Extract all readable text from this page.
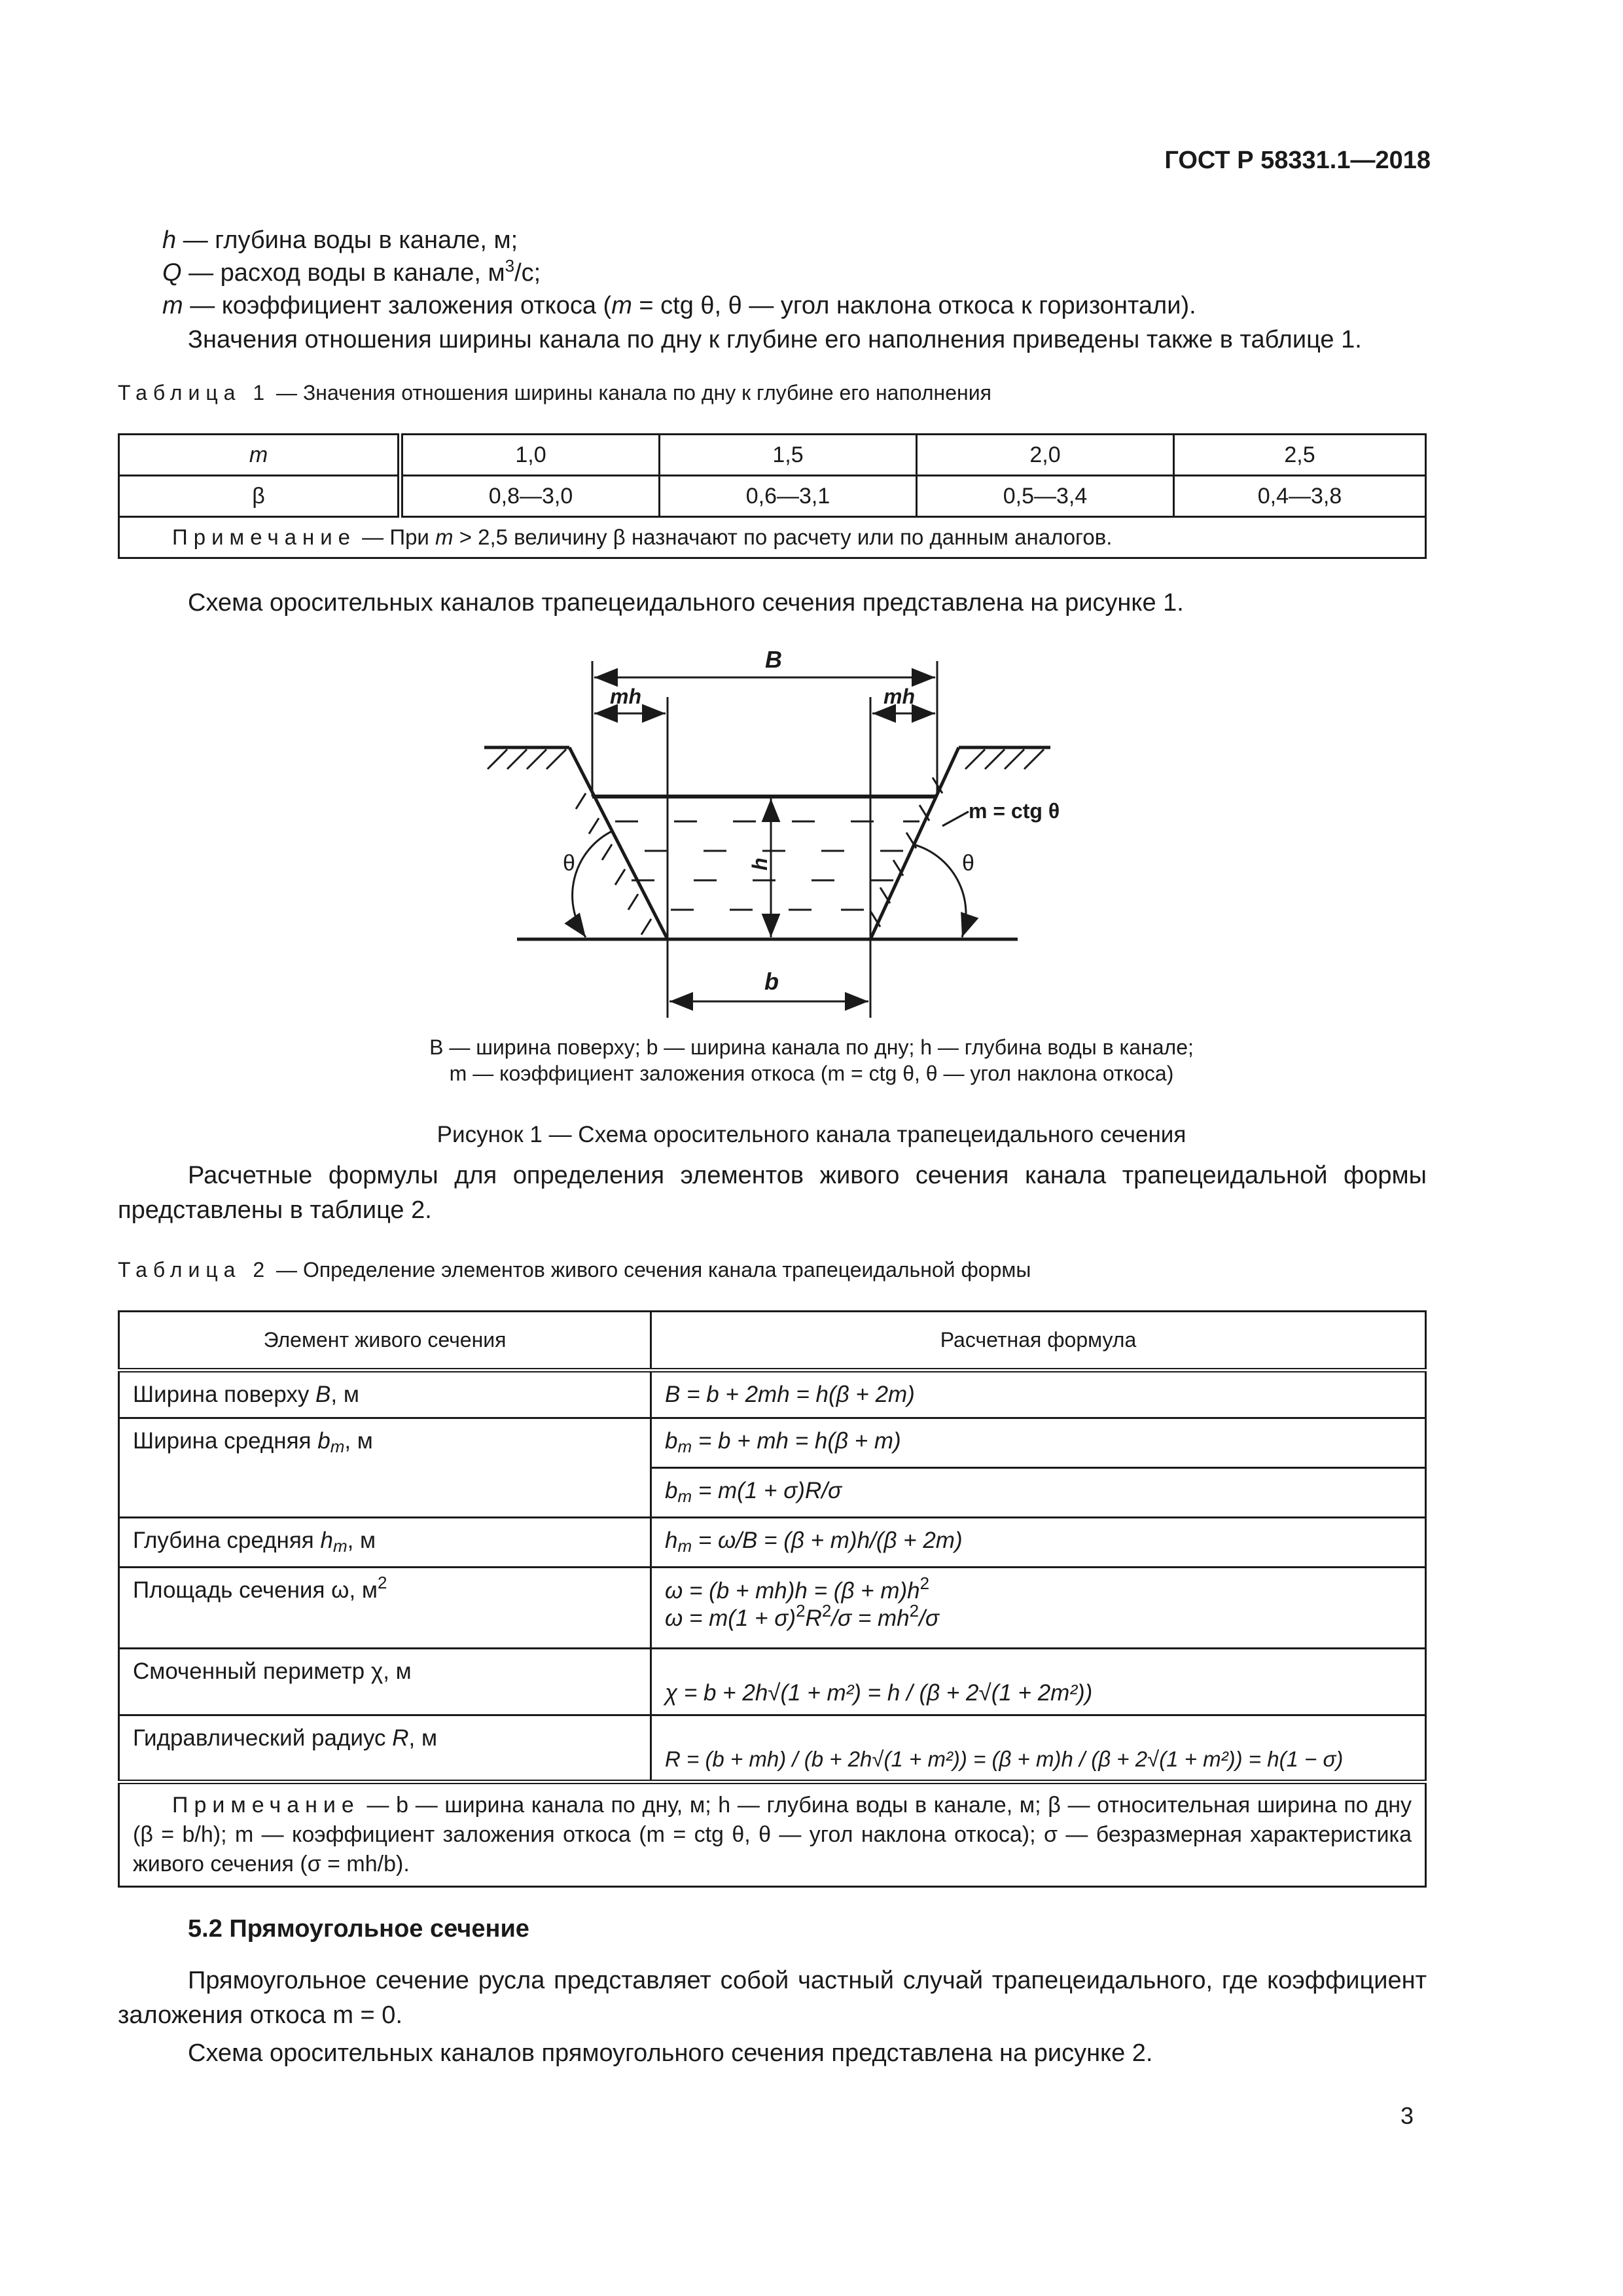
ГОСТ Р 58331.1—2018
h — глубина воды в канале, м;
Q — расход воды в канале, $м^3/с$;
m — коэффициент заложения откоса (m = ctg θ, θ — угол наклона откоса к горизонтали).
Значения отношения ширины канала по дну к глубине его наполнения приведены также в таблице 1.
Таблица 1 — Значения отношения ширины канала по дну к глубине его наполнения
m	1,0	1,5	2,0	2,5
β	0,8—3,0	0,6—3,1	0,5—3,4	0,4—3,8
Примечание — При m > 2,5 величину β назначают по расчету или по данным аналогов.				
Схема оросительных каналов трапецеидального сечения представлена на рисунке 1.
B
mh	mh
m = ctg θ
h
θ	θ
b
B — ширина поверху; b — ширина канала по дну; h — глубина воды в канале;
m — коэффициент заложения откоса (m = ctg θ, θ — угол наклона откоса)
Рисунок 1 — Схема оросительного канала трапецеидального сечения
Расчетные формулы для определения элементов живого сечения канала трапецеидальной формы представлены в таблице 2.
Таблица 2 — Определение элементов живого сечения канала трапецеидальной формы
Элемент живого сечения	Расчетная формула
Ширина поверху B, м	B = b + 2mh = h(β + 2m)
Ширина средняя $b_m$, м	$b_m = b$ + mh = h(β + m)
	$b_m = m(1 + \sigma)R/\sigma$
Глубина средняя $h_m$, м	$h_m = \omega/B = (\beta + m)h/(\beta + 2m)$
Площадь сечения ω, $м^2$	$\omega = (b + mh)h = (\beta + m)h^2$
$\omega = m(1 + \sigma)^2R^2/\sigma = mh^2/\sigma$
Смоченный периметр χ, м	χ = b + 2h√(1 + m²) = h / (β + 2√(1 + 2m²))
Гидравлический радиус R, м	R = (b + mh) / (b + 2h√(1 + m²)) = (β + m)h / (β + 2√(1 + m²)) = h(1 − σ)
Примечание — b — ширина канала по дну, м; h — глубина воды в канале, м; β — относительная ширина по дну (β = b/h); m — коэффициент заложения откоса (m = ctg θ, θ — угол наклона откоса); σ — безразмерная характеристика живого сечения (σ = mh/b).	
5.2 Прямоугольное сечение
Прямоугольное сечение русла представляет собой частный случай трапецеидального, где коэффициент заложения откоса m = 0.
Схема оросительных каналов прямоугольного сечения представлена на рисунке 2.
3
